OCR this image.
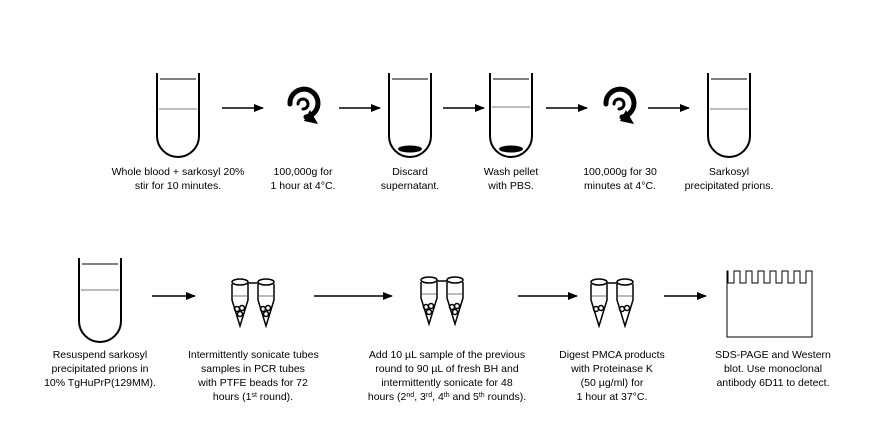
Whole blood + sarkosyl 20%
stir for 10 minutes.
100,000g for
1 hour at 4°C.
Discard
supernatant.
Wash pellet
with PBS.
100,000g for 30
minutes at 4°C.
Sarkosyl
precipitated prions.
Resuspend sarkosyl
precipitated prions in
10% TgHuPrP(129MM).
Intermittently sonicate tubes
samples in PCR tubes
with PTFE beads for 72
hours (1st round).
Add 10 µL sample of the previous
round to 90 µL of fresh BH and
intermittently sonicate for 48
hours (2nd, 3rd, 4th and 5th rounds).
Digest PMCA products
with Proteinase K
(50 µg/ml) for
1 hour at 37°C.
SDS-PAGE and Western
blot. Use monoclonal
antibody 6D11 to detect.
